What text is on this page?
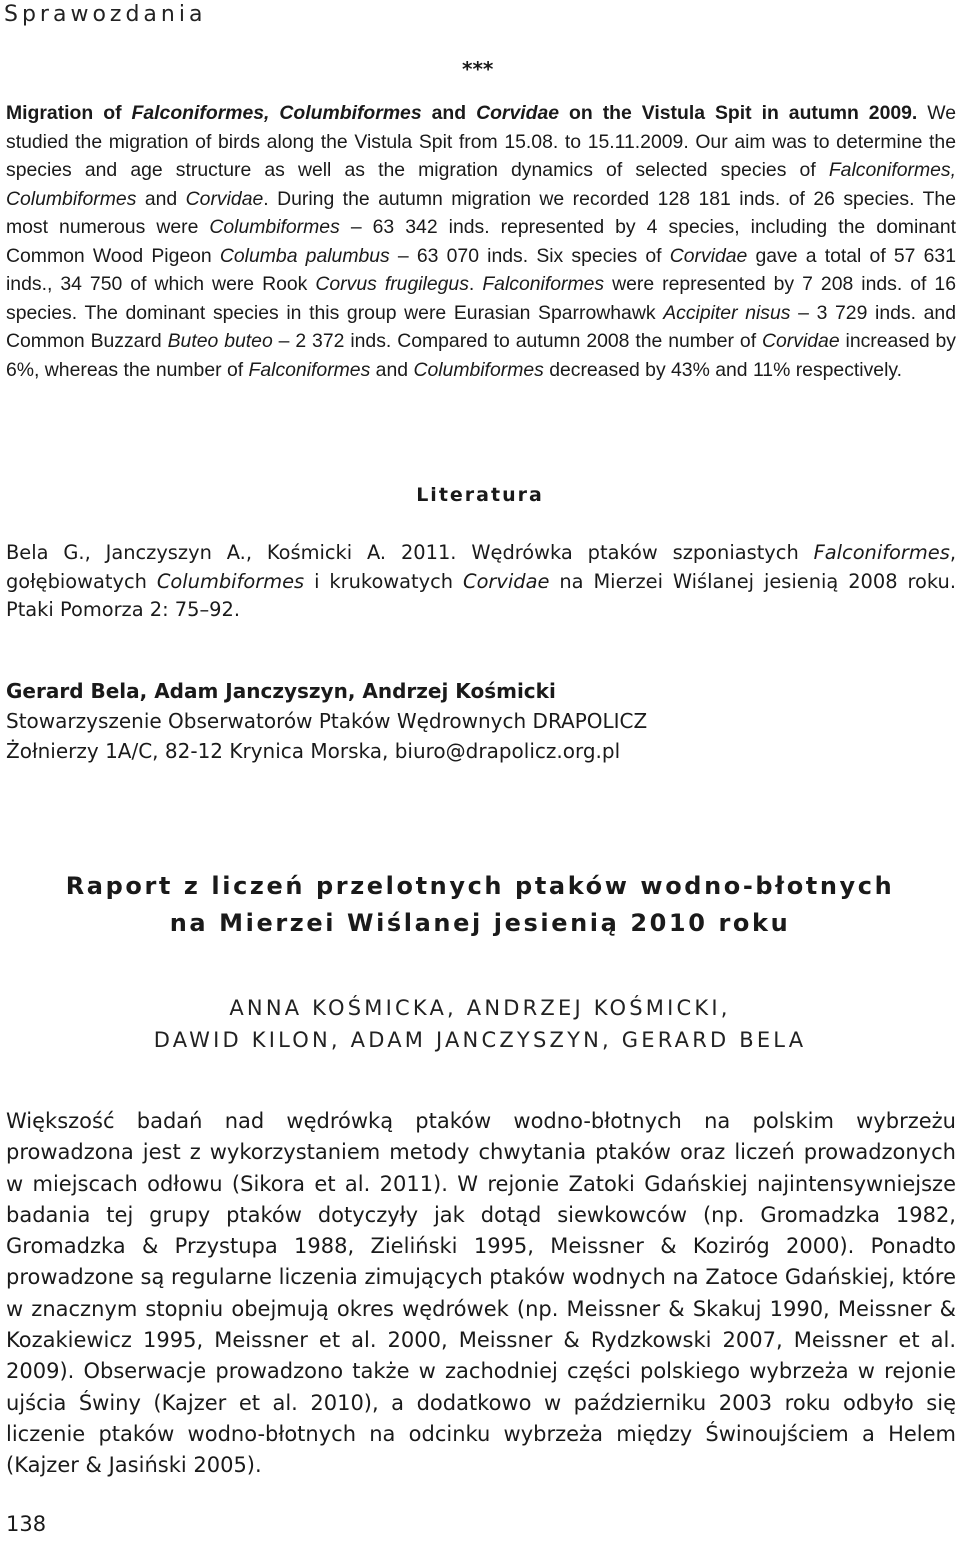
Sprawozdania
***

Migration of Falconiformes, Columbiformes and Corvidae on the Vistula Spit in autumn 2009. We studied the migration of birds along the Vistula Spit from 15.08. to 15.11.2009. Our aim was to determine the species and age structure as well as the migration dynamics of selected species of Falconiformes, Columbiformes and Corvidae. During the autumn migration we recorded 128 181 inds. of 26 species. The most numerous were Columbiformes – 63 342 inds. represented by 4 species, including the dominant Common Wood Pigeon Columba palumbus – 63 070 inds. Six species of Corvidae gave a total of 57 631 inds., 34 750 of which were Rook Corvus frugilegus. Falconiformes were represented by 7 208 inds. of 16 species. The dominant species in this group were Eurasian Sparrowhawk Accipiter nisus – 3 729 inds. and Common Buzzard Buteo buteo – 2 372 inds. Compared to autumn 2008 the number of Corvidae increased by 6%, whereas the number of Falconiformes and Columbiformes decreased by 43% and 11% respectively.

Literatura

Bela G., Janczyszyn A., Kośmicki A. 2011. Wędrówka ptaków szponiastych Falconiformes, gołębiowatych Columbiformes i krukowatych Corvidae na Mierzei Wiślanej jesienią 2008 roku. Ptaki Pomorza 2: 75–92.

Gerard Bela, Adam Janczyszyn, Andrzej Kośmicki
Stowarzyszenie Obserwatorów Ptaków Wędrownych DRAPOLICZ
Żołnierzy 1A/C, 82-12 Krynica Morska, biuro@drapolicz.org.pl
Raport z liczeń przelotnych ptaków wodno-błotnych
na Mierzei Wiślanej jesienią 2010 roku
ANNA KOŚMICKA, ANDRZEJ KOŚMICKI,
DAWID KILON, ADAM JANCZYSZYN, GERARD BELA

Większość badań nad wędrówką ptaków wodno-błotnych na polskim wybrzeżu prowadzona jest z wykorzystaniem metody chwytania ptaków oraz liczeń prowadzonych w miejscach odłowu (Sikora et al. 2011). W rejonie Zatoki Gdańskiej najintensywniejsze badania tej grupy ptaków dotyczyły jak dotąd siewkowców (np. Gromadzka 1982, Gromadzka & Przystupa 1988, Zieliński 1995, Meissner & Koziróg 2000). Ponadto prowadzone są regularne liczenia zimujących ptaków wodnych na Zatoce Gdańskiej, które w znacznym stopniu obejmują okres wędrówek (np. Meissner & Skakuj 1990, Meissner & Kozakiewicz 1995, Meissner et al. 2000, Meissner & Rydzkowski 2007, Meissner et al. 2009). Obserwacje prowadzono także w zachodniej części polskiego wybrzeża w rejonie ujścia Świny (Kajzer et al. 2010), a dodatkowo w październiku 2003 roku odbyło się liczenie ptaków wodno-błotnych na odcinku wybrzeża między Świnoujściem a Helem (Kajzer & Jasiński 2005).

138
